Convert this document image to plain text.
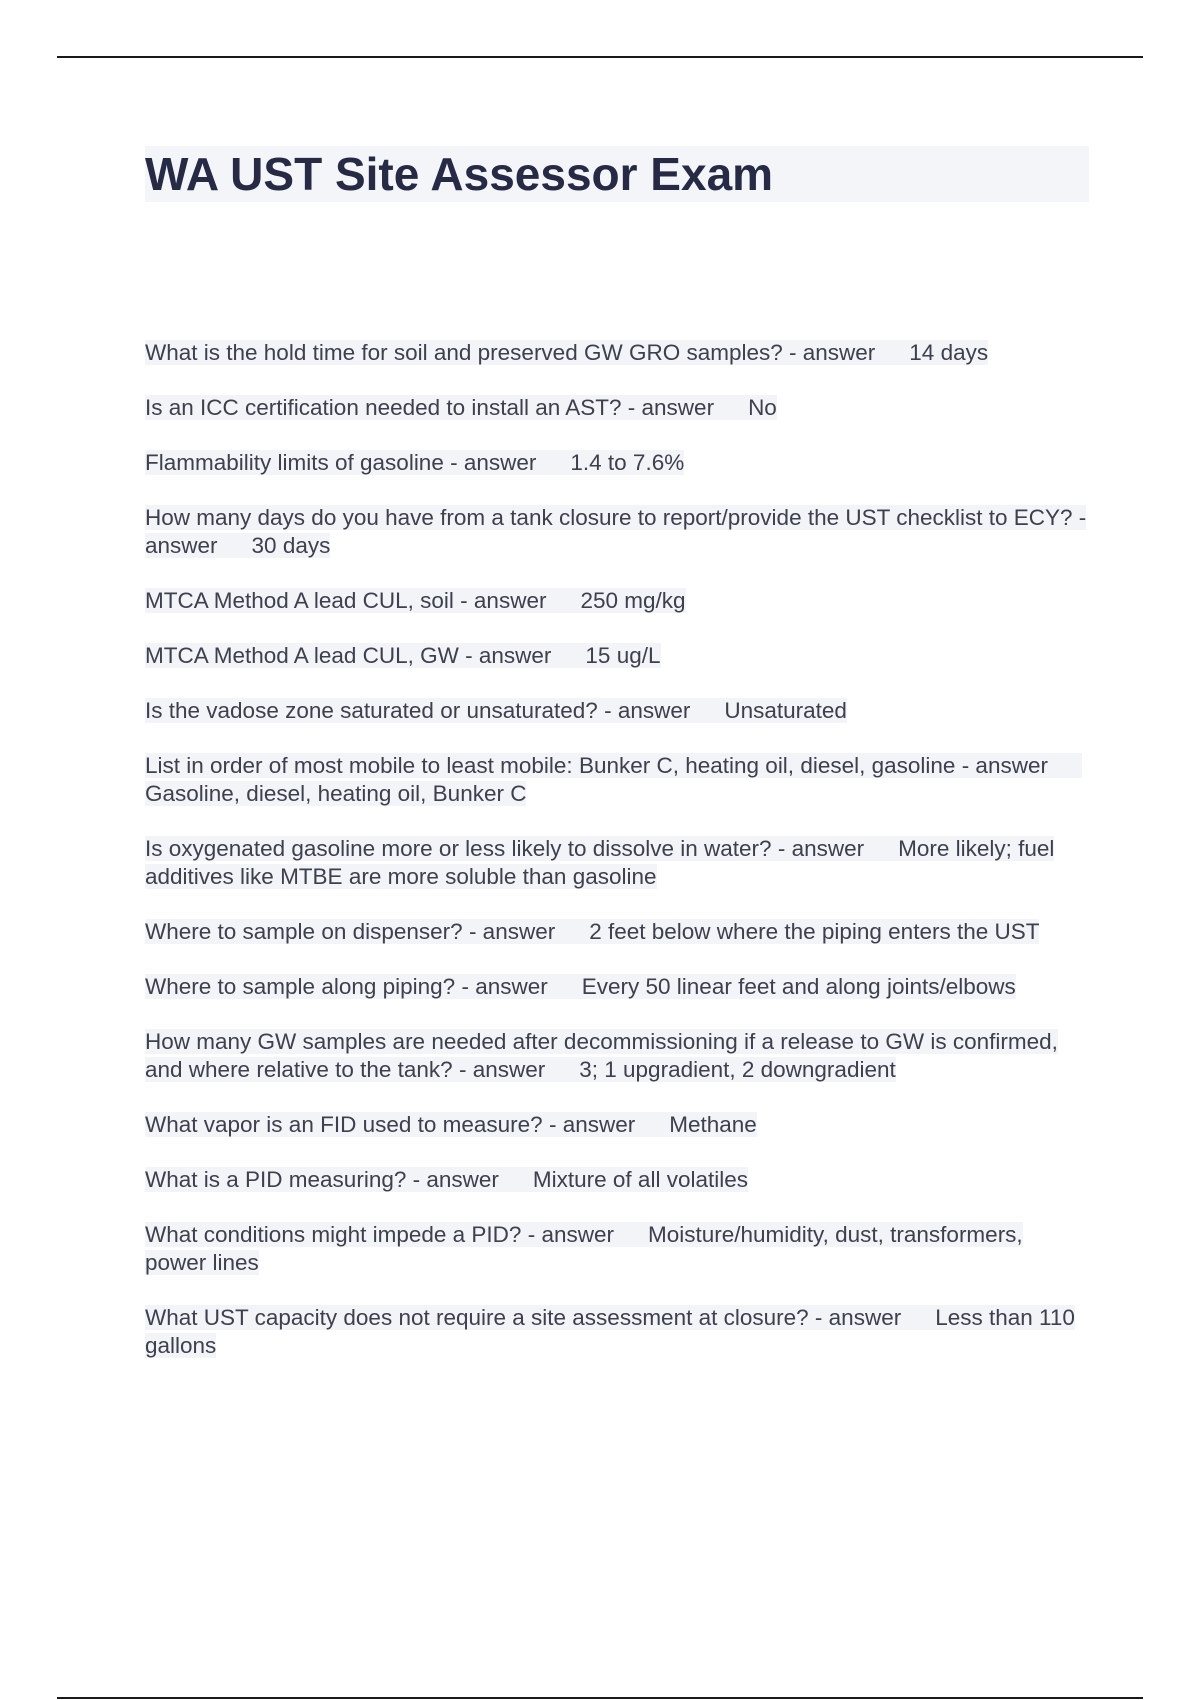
WA UST Site Assessor Exam

What is the hold time for soil and preserved GW GRO samples? - answer 14 days

Is an ICC certification needed to install an AST? - answer No

Flammability limits of gasoline - answer 1.4 to 7.6%

How many days do you have from a tank closure to report/provide the UST checklist to ECY? - answer 30 days

MTCA Method A lead CUL, soil - answer 250 mg/kg

MTCA Method A lead CUL, GW - answer 15 ug/L

Is the vadose zone saturated or unsaturated? - answer Unsaturated

List in order of most mobile to least mobile: Bunker C, heating oil, diesel, gasoline - answerGasoline, diesel, heating oil, Bunker C

Is oxygenated gasoline more or less likely to dissolve in water? - answer More likely; fuel additives like MTBE are more soluble than gasoline

Where to sample on dispenser? - answer 2 feet below where the piping enters the UST

Where to sample along piping? - answer Every 50 linear feet and along joints/elbows

How many GW samples are needed after decommissioning if a release to GW is confirmed, and where relative to the tank? - answer 3; 1 upgradient, 2 downgradient

What vapor is an FID used to measure? - answer Methane

What is a PID measuring? - answer Mixture of all volatiles

What conditions might impede a PID? - answer Moisture/humidity, dust, transformers, power lines

What UST capacity does not require a site assessment at closure? - answer Less than 110 gallons
